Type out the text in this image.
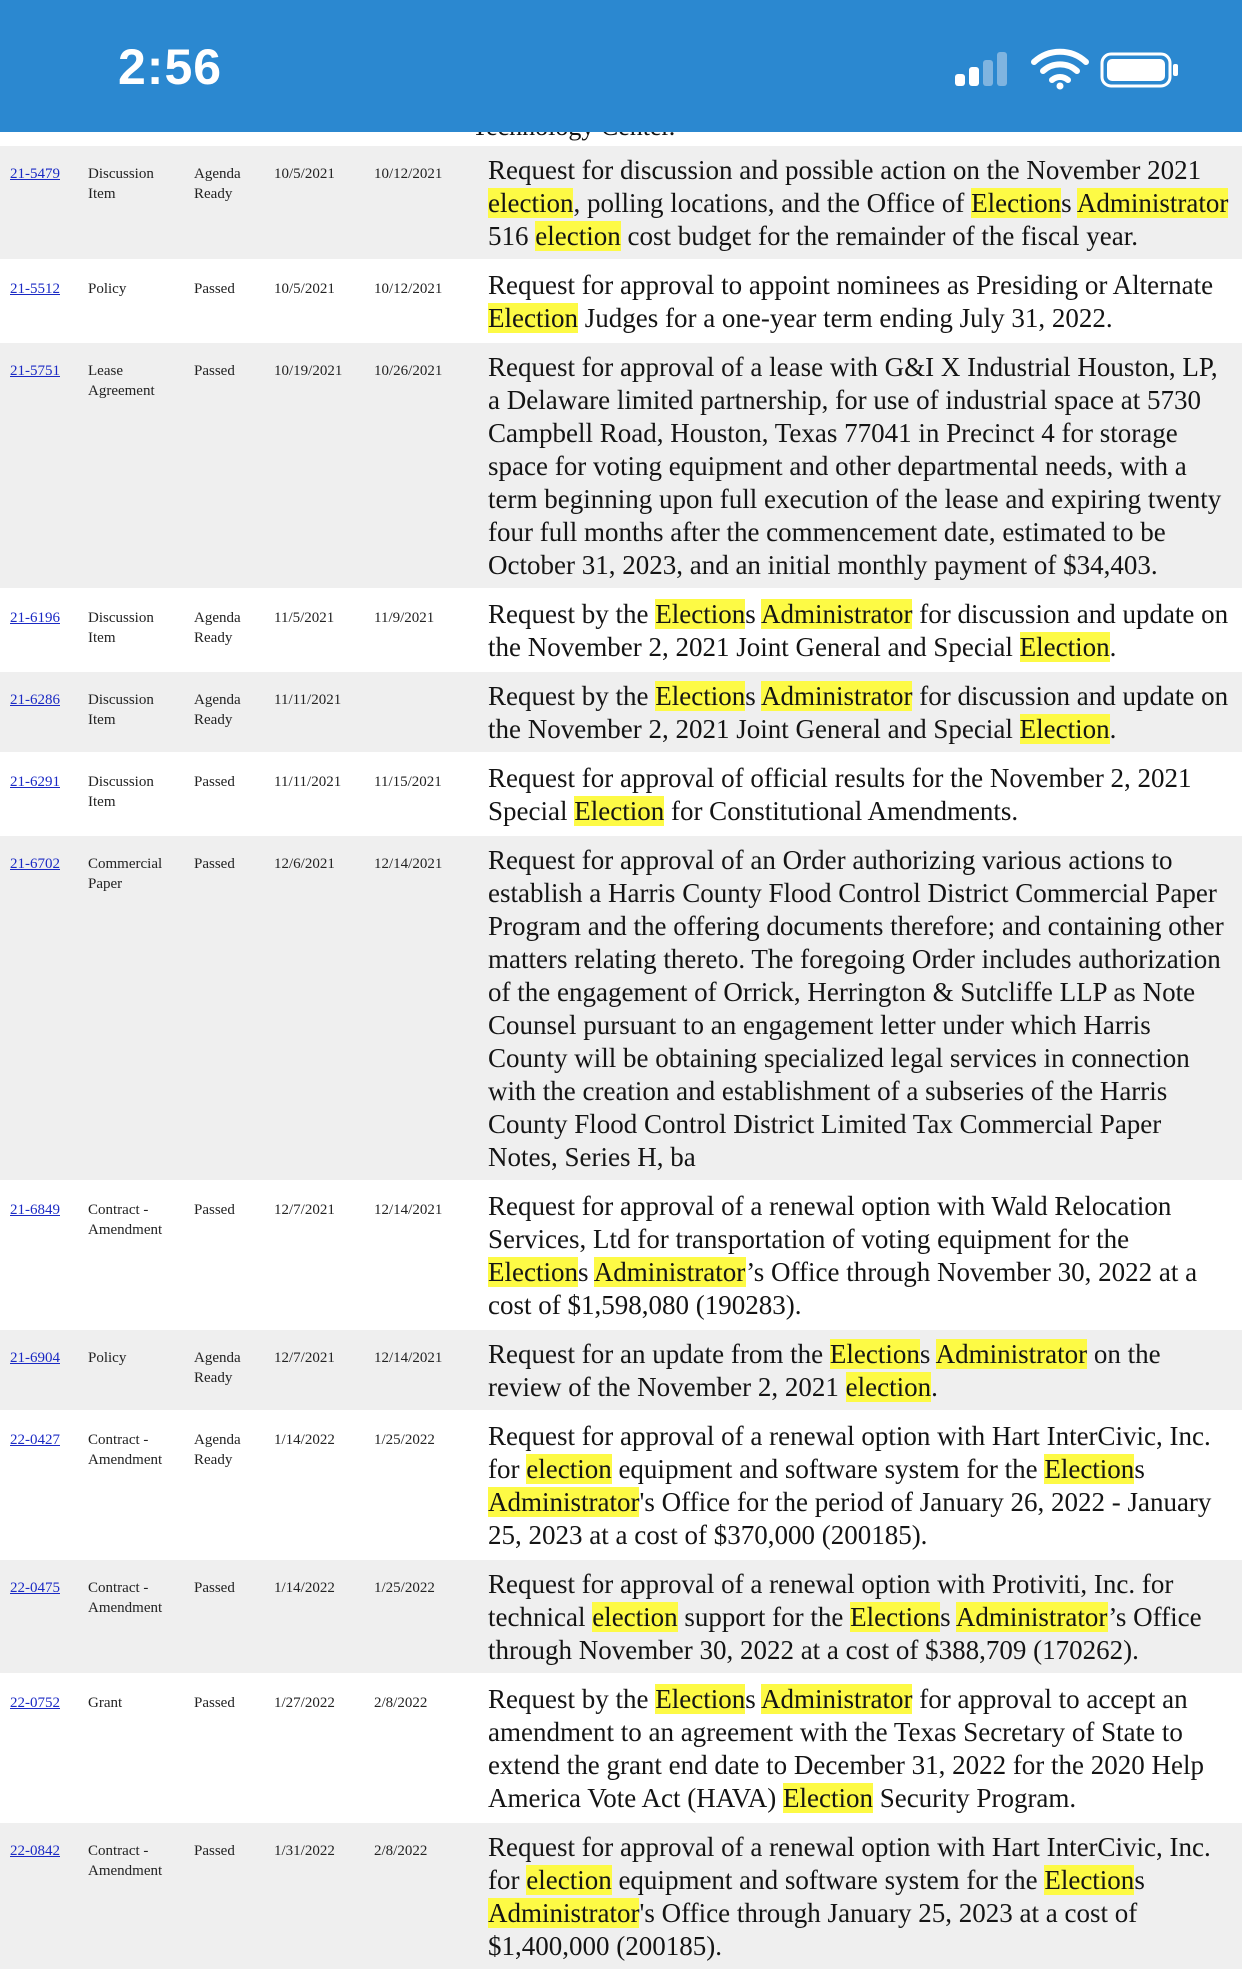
2:56
21-5479	Discussion Item	Agenda Ready	10/5/2021	10/12/2021	Request for discussion and possible action on the November 2021 election, polling locations, and the Office of Elections Administrator 516 election cost budget for the remainder of the fiscal year.

21-5512	Policy	Passed	10/5/2021	10/12/2021	Request for approval to appoint nominees as Presiding or Alternate Election Judges for a one-year term ending July 31, 2022.

21-5751	Lease Agreement	Passed	10/19/2021	10/26/2021	Request for approval of a lease with G&I X Industrial Houston, LP, a Delaware limited partnership, for use of industrial space at 5730 Campbell Road, Houston, Texas 77041 in Precinct 4 for storage space for voting equipment and other departmental needs, with a term beginning upon full execution of the lease and expiring twenty four full months after the commencement date, estimated to be October 31, 2023, and an initial monthly payment of $34,403.

21-6196	Discussion Item	Agenda Ready	11/5/2021	11/9/2021	Request by the Elections Administrator for discussion and update on the November 2, 2021 Joint General and Special Election.

21-6286	Discussion Item	Agenda Ready	11/11/2021		Request by the Elections Administrator for discussion and update on the November 2, 2021 Joint General and Special Election.

21-6291	Discussion Item	Passed	11/11/2021	11/15/2021	Request for approval of official results for the November 2, 2021 Special Election for Constitutional Amendments.

21-6702	Commercial Paper	Passed	12/6/2021	12/14/2021	Request for approval of an Order authorizing various actions to establish a Harris County Flood Control District Commercial Paper Program and the offering documents therefore; and containing other matters relating thereto. The foregoing Order includes authorization of the engagement of Orrick, Herrington & Sutcliffe LLP as Note Counsel pursuant to an engagement letter under which Harris County will be obtaining specialized legal services in connection with the creation and establishment of a subseries of the Harris County Flood Control District Limited Tax Commercial Paper Notes, Series H, ba

21-6849	Contract - Amendment	Passed	12/7/2021	12/14/2021	Request for approval of a renewal option with Wald Relocation Services, Ltd for transportation of voting equipment for the Elections Administrator’s Office through November 30, 2022 at a cost of $1,598,080 (190283).

21-6904	Policy	Agenda Ready	12/7/2021	12/14/2021	Request for an update from the Elections Administrator on the review of the November 2, 2021 election.

22-0427	Contract - Amendment	Agenda Ready	1/14/2022	1/25/2022	Request for approval of a renewal option with Hart InterCivic, Inc. for election equipment and software system for the Elections Administrator's Office for the period of January 26, 2022 - January 25, 2023 at a cost of $370,000 (200185).

22-0475	Contract - Amendment	Passed	1/14/2022	1/25/2022	Request for approval of a renewal option with Protiviti, Inc. for technical election support for the Elections Administrator’s Office through November 30, 2022 at a cost of $388,709 (170262).

22-0752	Grant	Passed	1/27/2022	2/8/2022	Request by the Elections Administrator for approval to accept an amendment to an agreement with the Texas Secretary of State to extend the grant end date to December 31, 2022 for the 2020 Help America Vote Act (HAVA) Election Security Program.

22-0842	Contract - Amendment	Passed	1/31/2022	2/8/2022	Request for approval of a renewal option with Hart InterCivic, Inc. for election equipment and software system for the Elections Administrator's Office through January 25, 2023 at a cost of $1,400,000 (200185).
